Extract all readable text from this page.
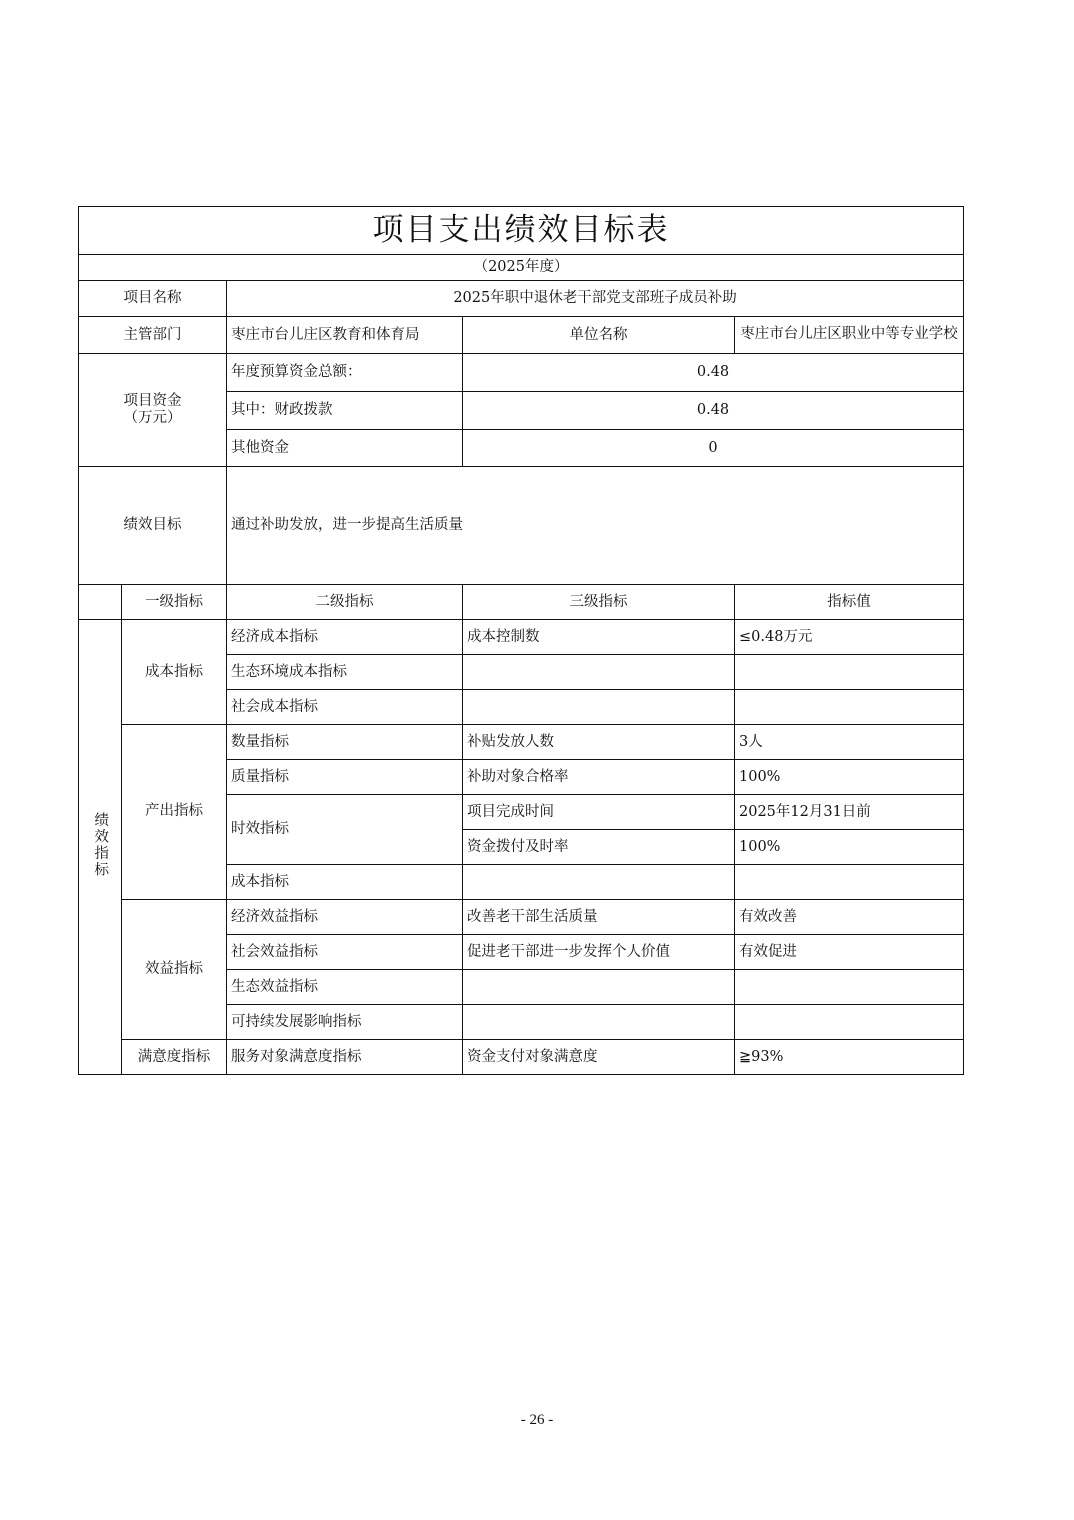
项目支出绩效目标表				
（2025年度）				
项目名称		2025年职中退休老干部党支部班子成员补助		
主管部门		枣庄市台儿庄区教育和体育局	单位名称	枣庄市台儿庄区职业中等专业学校

项目资金
（万元）		年度预算资金总额：	0.48	
		其中：财政拨款	0.48	
		其他资金	0	
绩效目标		通过补助发放，进一步提高生活质量		
	一级指标	二级指标	三级指标	指标值
绩效指标	成本指标	经济成本指标	成本控制数	≤0.48万元
		生态环境成本指标		
		社会成本指标		
	产出指标	数量指标	补贴发放人数	3人
		质量指标	补助对象合格率	100%
		时效指标	项目完成时间	2025年12月31日前
			资金拨付及时率	100%
		成本指标		
	效益指标	经济效益指标	改善老干部生活质量	有效改善
		社会效益指标	促进老干部进一步发挥个人价值	有效促进
		生态效益指标		
		可持续发展影响指标		
	满意度指标	服务对象满意度指标	资金支付对象满意度	≧93%
- 26 -
